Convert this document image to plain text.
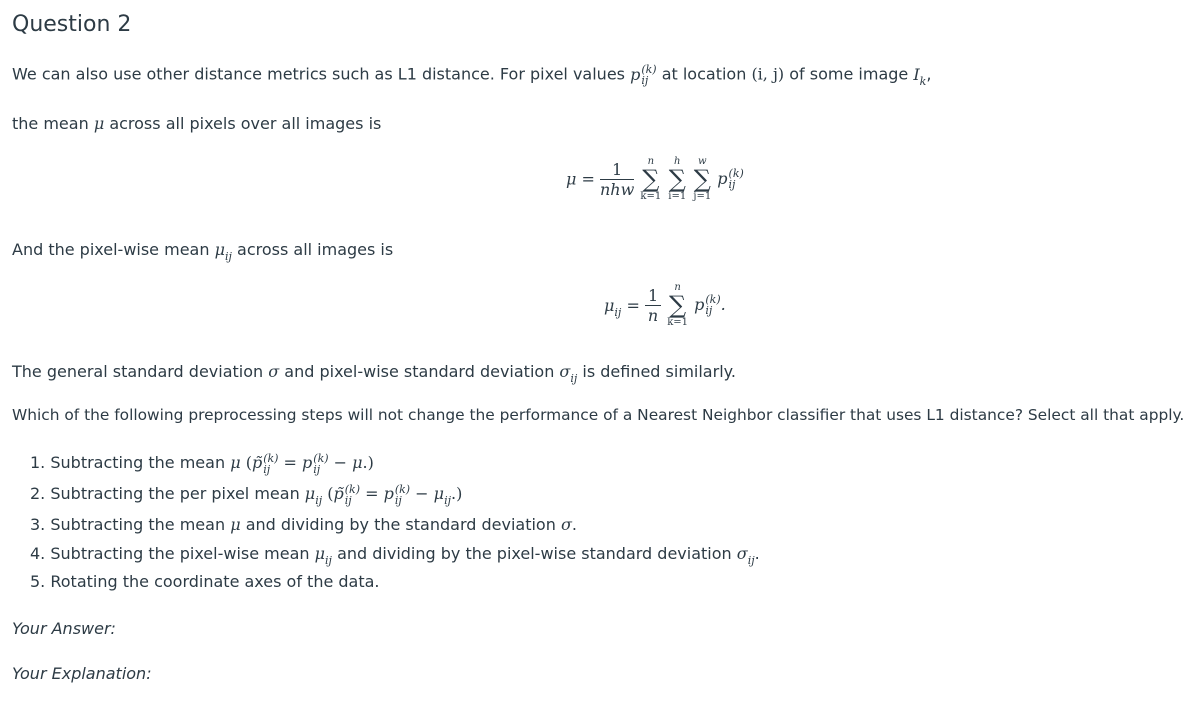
Question 2
We can also use other distance metrics such as L1 distance. For pixel values p (k)
ij at location (i, j) of some image $I_k$,
the mean μ across all pixels over all images is
$\mu = \frac{1}{\text{nhw}}$
	n
∑
k=1

h
∑
i=1

w
∑
j=1
p (k)
ij
And the pixel-wise mean $\mu_{ij}$ across all images is
$\mu_{ij} = \frac{1}{n}$
	n
∑
k=1
p (k)
ij .
The general standard deviation σ and pixel-wise standard deviation $\sigma_{ij}$ is defined similarly.
Which of the following preprocessing steps will not change the performance of a Nearest Neighbor classifier that uses L1 distance? Select all that apply.
1. Subtracting the mean μ (p̃ (k)
ij = p (k)
ij − μ.)
2. Subtracting the per pixel mean $\mu_{ij}$ (p̃ (k)
ij = p (k)
ij − $\mu_{ij}$.)
3. Subtracting the mean μ and dividing by the standard deviation σ.
4. Subtracting the pixel-wise mean $\mu_{ij}$ and dividing by the pixel-wise standard deviation $\sigma_{ij}$.
5. Rotating the coordinate axes of the data.
Your Answer:
Your Explanation:
